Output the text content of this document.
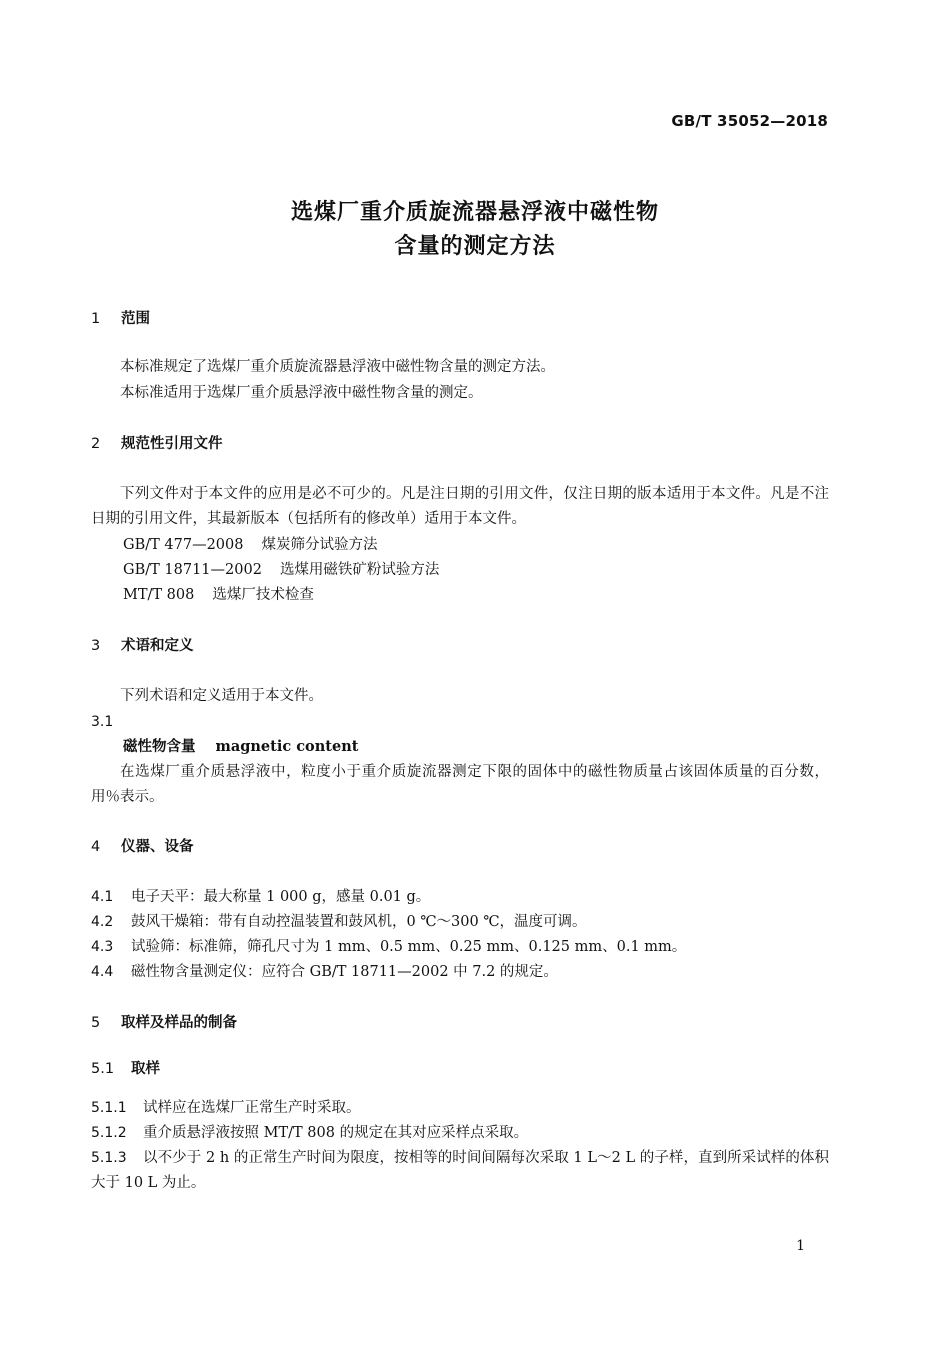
GB/T 35052—2018
选煤厂重介质旋流器悬浮液中磁性物
含量的测定方法
1 范围
本标准规定了选煤厂重介质旋流器悬浮液中磁性物含量的测定方法。
本标准适用于选煤厂重介质悬浮液中磁性物含量的测定。
2 规范性引用文件
下列文件对于本文件的应用是必不可少的。凡是注日期的引用文件，仅注日期的版本适用于本文件。凡是不注日期的引用文件，其最新版本（包括所有的修改单）适用于本文件。
GB/T 477—2008 煤炭筛分试验方法
GB/T 18711—2002 选煤用磁铁矿粉试验方法
MT/T 808 选煤厂技术检查
3 术语和定义
下列术语和定义适用于本文件。
3.1
磁性物含量 magnetic content
在选煤厂重介质悬浮液中，粒度小于重介质旋流器测定下限的固体中的磁性物质量占该固体质量的百分数，用％表示。
4 仪器、设备
4.1 电子天平：最大称量 1 000 g，感量 0.01 g。
4.2 鼓风干燥箱：带有自动控温装置和鼓风机，0 ℃～300 ℃，温度可调。
4.3 试验筛：标准筛，筛孔尺寸为 1 mm、0.5 mm、0.25 mm、0.125 mm、0.1 mm。
4.4 磁性物含量测定仪：应符合 GB/T 18711—2002 中 7.2 的规定。
5 取样及样品的制备
5.1 取样
5.1.1 试样应在选煤厂正常生产时采取。
5.1.2 重介质悬浮液按照 MT/T 808 的规定在其对应采样点采取。
5.1.3 以不少于 2 h 的正常生产时间为限度，按相等的时间间隔每次采取 1 L～2 L 的子样，直到所采试样的体积大于 10 L 为止。
1
